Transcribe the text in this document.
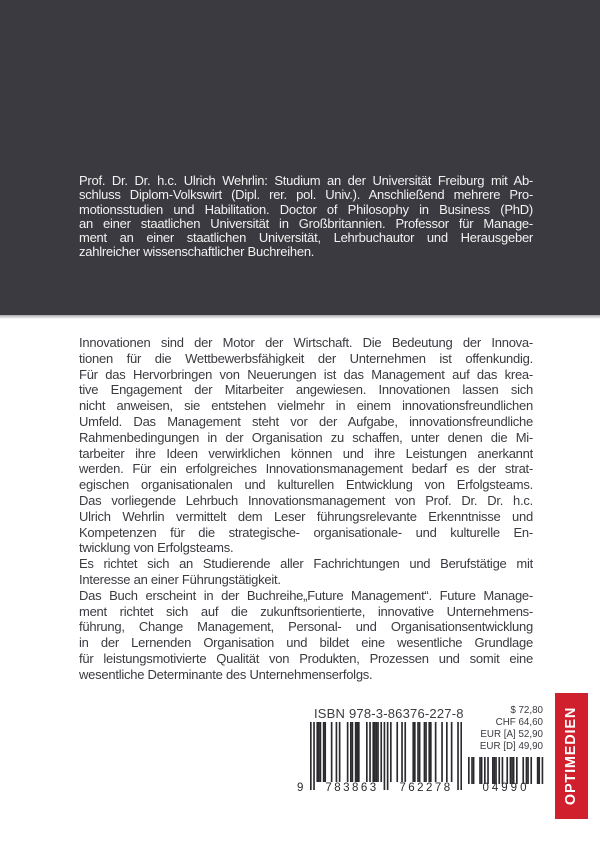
Prof. Dr. Dr. h.c. Ulrich Wehrlin: Studium an der Universität Freiburg mit Ab-
schluss Diplom-Volkswirt (Dipl. rer. pol. Univ.). Anschließend mehrere Pro-
motionsstudien und Habilitation. Doctor of Philosophy in Business (PhD)
an einer staatlichen Universität in Großbritannien. Professor für Manage-
ment an einer staatlichen Universität, Lehrbuchautor und Herausgeber
zahlreicher wissenschaftlicher Buchreihen.
Innovationen sind der Motor der Wirtschaft. Die Bedeutung der Innova-
tionen für die Wettbewerbsfähigkeit der Unternehmen ist offenkundig.
Für das Hervorbringen von Neuerungen ist das Management auf das krea-
tive Engagement der Mitarbeiter angewiesen. Innovationen lassen sich
nicht anweisen, sie entstehen vielmehr in einem innovationsfreundlichen
Umfeld. Das Management steht vor der Aufgabe, innovationsfreundliche
Rahmenbedingungen in der Organisation zu schaffen, unter denen die Mi-
tarbeiter ihre Ideen verwirklichen können und ihre Leistungen anerkannt
werden. Für ein erfolgreiches Innovationsmanagement bedarf es der strat-
egischen organisationalen und kulturellen Entwicklung von Erfolgsteams.
Das vorliegende Lehrbuch Innovationsmanagement von Prof. Dr. Dr. h.c.
Ulrich Wehrlin vermittelt dem Leser führungsrelevante Erkenntnisse und
Kompetenzen für die strategische- organisationale- und kulturelle En-
twicklung von Erfolgsteams.
Es richtet sich an Studierende aller Fachrichtungen und Berufstätige mit
Interesse an einer Führungstätigkeit.
Das Buch erscheint in der Buchreihe„Future Management“. Future Manage-
ment richtet sich auf die zukunftsorientierte, innovative Unternehmens-
führung, Change Management, Personal- und Organisationsentwicklung
in der Lernenden Organisation und bildet eine wesentliche Grundlage
für leistungsmotivierte Qualität von Produkten, Prozessen und somit eine
wesentliche Determinante des Unternehmenserfolgs.
ISBN 978-3-86376-227-8	$ 72,80
CHF 64,60
EUR [A] 52,90
EUR [D] 49,90
9	783863	762278	04990	OPTIMEDIEN
